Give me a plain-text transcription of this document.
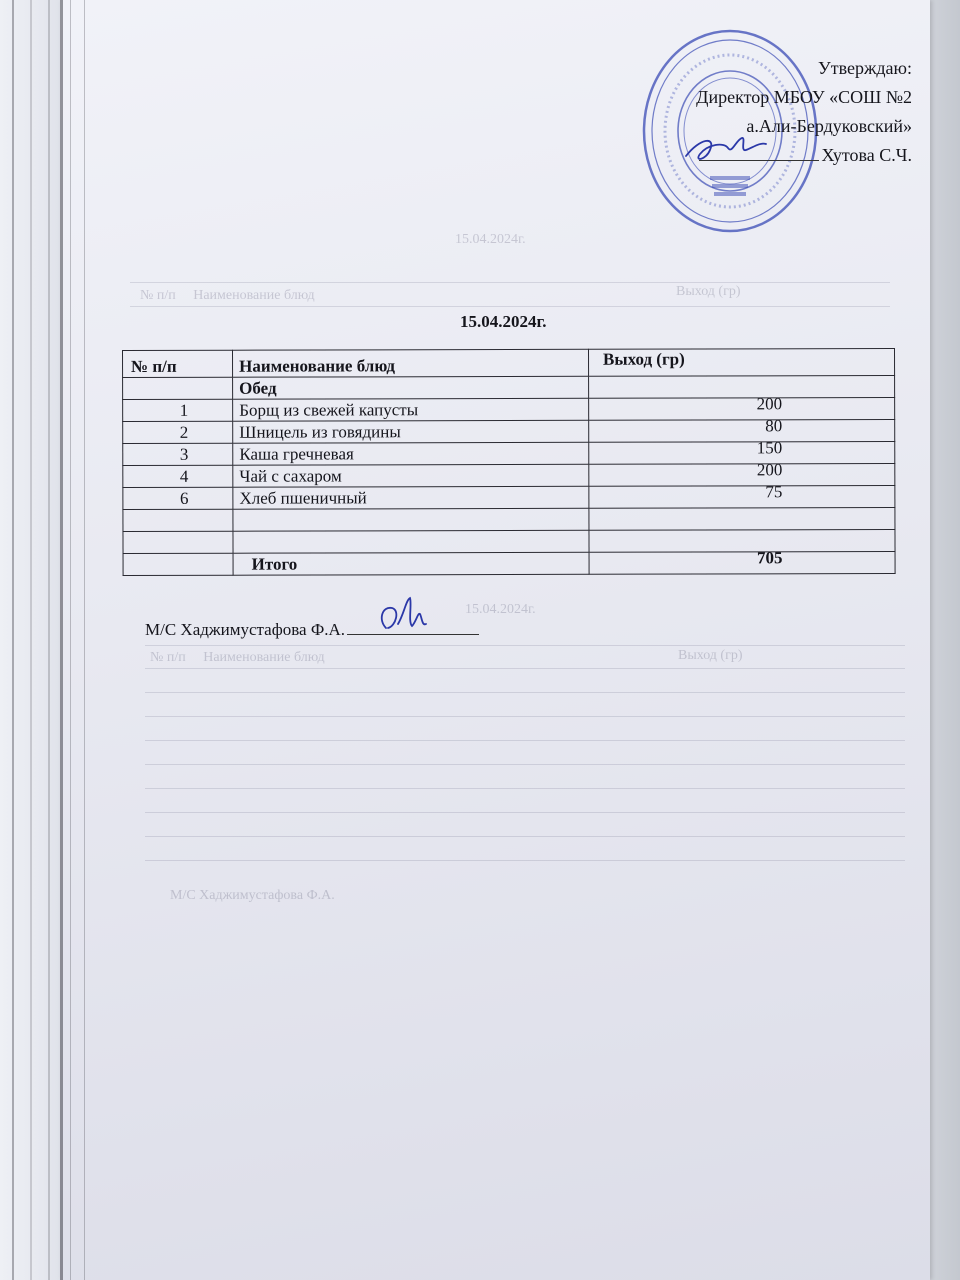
15.04.2024г.
№ п/п     Наименование блюд	Выход (гр)
15.04.2024г.
№ п/п     Наименование блюд	Выход (гр)
М/С Хаджимустафова Ф.А.
Утверждаю:
Директор МБОУ «СОШ №2
а.Али-Бердуковский»
Хутова С.Ч.
15.04.2024г.
№ п/п	Наименование блюд	Выход (гр)
	Обед	
1	Борщ из свежей капусты	200
2	Шницель из говядины	80
3	Каша гречневая	150
4	Чай с сахаром	200
6	Хлеб пшеничный	75

	Итого	705
М/С Хаджимустафова Ф.А.
